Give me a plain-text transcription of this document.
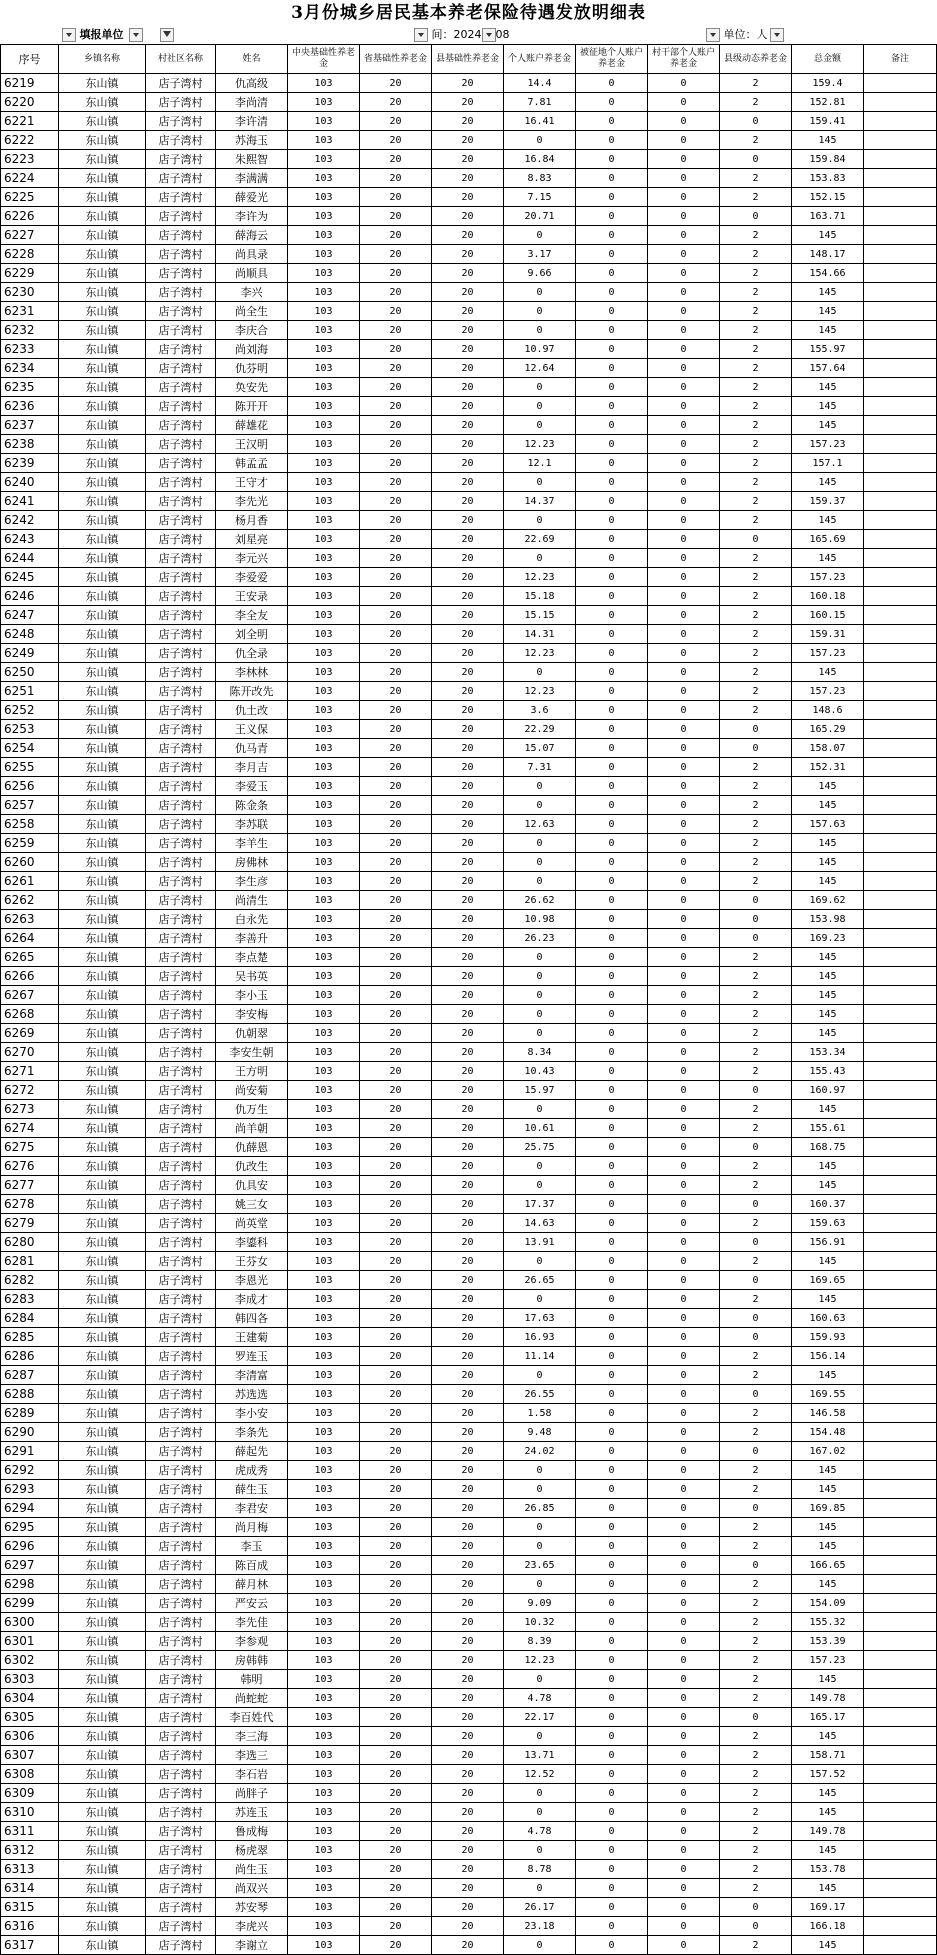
3月份城乡居民基本养老保险待遇发放明细表
填报单位	间：2024 08	单位：人
序号	乡镇名称	村社区名称	姓名	中央基础性养老金	省基础性养老金	县基础性养老金	个人账户养老金	被征地个人账户养老金	村干部个人账户养老金	县级动态养老金	总金额	备注
6219	东山镇	店子湾村	仇高级	103	20	20	14.4	0	0	2	159.4	
6220	东山镇	店子湾村	李尚清	103	20	20	7.81	0	0	2	152.81	
6221	东山镇	店子湾村	李许清	103	20	20	16.41	0	0	0	159.41	
6222	东山镇	店子湾村	苏海玉	103	20	20	0	0	0	2	145	
6223	东山镇	店子湾村	朱熙智	103	20	20	16.84	0	0	0	159.84	
6224	东山镇	店子湾村	李满满	103	20	20	8.83	0	0	2	153.83	
6225	东山镇	店子湾村	薛爱光	103	20	20	7.15	0	0	2	152.15	
6226	东山镇	店子湾村	李许为	103	20	20	20.71	0	0	0	163.71	
6227	东山镇	店子湾村	薛海云	103	20	20	0	0	0	2	145	
6228	东山镇	店子湾村	尚具录	103	20	20	3.17	0	0	2	148.17	
6229	东山镇	店子湾村	尚顺具	103	20	20	9.66	0	0	2	154.66	
6230	东山镇	店子湾村	李兴	103	20	20	0	0	0	2	145	
6231	东山镇	店子湾村	尚全生	103	20	20	0	0	0	2	145	
6232	东山镇	店子湾村	李庆合	103	20	20	0	0	0	2	145	
6233	东山镇	店子湾村	尚刘海	103	20	20	10.97	0	0	2	155.97	
6234	东山镇	店子湾村	仇芬明	103	20	20	12.64	0	0	2	157.64	
6235	东山镇	店子湾村	奂安先	103	20	20	0	0	0	2	145	
6236	东山镇	店子湾村	陈开开	103	20	20	0	0	0	2	145	
6237	东山镇	店子湾村	薛雄花	103	20	20	0	0	0	2	145	
6238	东山镇	店子湾村	王汉明	103	20	20	12.23	0	0	2	157.23	
6239	东山镇	店子湾村	韩孟孟	103	20	20	12.1	0	0	2	157.1	
6240	东山镇	店子湾村	王守才	103	20	20	0	0	0	2	145	
6241	东山镇	店子湾村	李先光	103	20	20	14.37	0	0	2	159.37	
6242	东山镇	店子湾村	杨月香	103	20	20	0	0	0	2	145	
6243	东山镇	店子湾村	刘星亮	103	20	20	22.69	0	0	0	165.69	
6244	东山镇	店子湾村	李元兴	103	20	20	0	0	0	2	145	
6245	东山镇	店子湾村	李爱爱	103	20	20	12.23	0	0	2	157.23	
6246	东山镇	店子湾村	王安录	103	20	20	15.18	0	0	2	160.18	
6247	东山镇	店子湾村	李全友	103	20	20	15.15	0	0	2	160.15	
6248	东山镇	店子湾村	刘全明	103	20	20	14.31	0	0	2	159.31	
6249	东山镇	店子湾村	仇全录	103	20	20	12.23	0	0	2	157.23	
6250	东山镇	店子湾村	李林林	103	20	20	0	0	0	2	145	
6251	东山镇	店子湾村	陈开改先	103	20	20	12.23	0	0	2	157.23	
6252	东山镇	店子湾村	仇土改	103	20	20	3.6	0	0	2	148.6	
6253	东山镇	店子湾村	王义保	103	20	20	22.29	0	0	0	165.29	
6254	东山镇	店子湾村	仇马青	103	20	20	15.07	0	0	0	158.07	
6255	东山镇	店子湾村	李月吉	103	20	20	7.31	0	0	2	152.31	
6256	东山镇	店子湾村	李爱玉	103	20	20	0	0	0	2	145	
6257	东山镇	店子湾村	陈金条	103	20	20	0	0	0	2	145	
6258	东山镇	店子湾村	李苏联	103	20	20	12.63	0	0	2	157.63	
6259	东山镇	店子湾村	李羊生	103	20	20	0	0	0	2	145	
6260	东山镇	店子湾村	房佛林	103	20	20	0	0	0	2	145	
6261	东山镇	店子湾村	李生彦	103	20	20	0	0	0	2	145	
6262	东山镇	店子湾村	尚清生	103	20	20	26.62	0	0	0	169.62	
6263	东山镇	店子湾村	白永先	103	20	20	10.98	0	0	0	153.98	
6264	东山镇	店子湾村	李善升	103	20	20	26.23	0	0	0	169.23	
6265	东山镇	店子湾村	李点楚	103	20	20	0	0	0	2	145	
6266	东山镇	店子湾村	吴书英	103	20	20	0	0	0	2	145	
6267	东山镇	店子湾村	李小玉	103	20	20	0	0	0	2	145	
6268	东山镇	店子湾村	李安梅	103	20	20	0	0	0	2	145	
6269	东山镇	店子湾村	仇朝翠	103	20	20	0	0	0	2	145	
6270	东山镇	店子湾村	李安生朝	103	20	20	8.34	0	0	2	153.34	
6271	东山镇	店子湾村	王方明	103	20	20	10.43	0	0	2	155.43	
6272	东山镇	店子湾村	尚安菊	103	20	20	15.97	0	0	0	160.97	
6273	东山镇	店子湾村	仇万生	103	20	20	0	0	0	2	145	
6274	东山镇	店子湾村	尚羊朝	103	20	20	10.61	0	0	2	155.61	
6275	东山镇	店子湾村	仇薛恩	103	20	20	25.75	0	0	0	168.75	
6276	东山镇	店子湾村	仇改生	103	20	20	0	0	0	2	145	
6277	东山镇	店子湾村	仇具安	103	20	20	0	0	0	2	145	
6278	东山镇	店子湾村	姚三女	103	20	20	17.37	0	0	0	160.37	
6279	东山镇	店子湾村	尚英堂	103	20	20	14.63	0	0	2	159.63	
6280	东山镇	店子湾村	李鎏科	103	20	20	13.91	0	0	0	156.91	
6281	东山镇	店子湾村	王芬女	103	20	20	0	0	0	2	145	
6282	东山镇	店子湾村	李恩光	103	20	20	26.65	0	0	0	169.65	
6283	东山镇	店子湾村	李成才	103	20	20	0	0	0	2	145	
6284	东山镇	店子湾村	韩四各	103	20	20	17.63	0	0	0	160.63	
6285	东山镇	店子湾村	王建菊	103	20	20	16.93	0	0	0	159.93	
6286	东山镇	店子湾村	罗连玉	103	20	20	11.14	0	0	2	156.14	
6287	东山镇	店子湾村	李清富	103	20	20	0	0	0	2	145	
6288	东山镇	店子湾村	苏选选	103	20	20	26.55	0	0	0	169.55	
6289	东山镇	店子湾村	李小安	103	20	20	1.58	0	0	2	146.58	
6290	东山镇	店子湾村	李条先	103	20	20	9.48	0	0	2	154.48	
6291	东山镇	店子湾村	薛起先	103	20	20	24.02	0	0	0	167.02	
6292	东山镇	店子湾村	虎成秀	103	20	20	0	0	0	2	145	
6293	东山镇	店子湾村	薛生玉	103	20	20	0	0	0	2	145	
6294	东山镇	店子湾村	李君安	103	20	20	26.85	0	0	0	169.85	
6295	东山镇	店子湾村	尚月梅	103	20	20	0	0	0	2	145	
6296	东山镇	店子湾村	李玉	103	20	20	0	0	0	2	145	
6297	东山镇	店子湾村	陈百成	103	20	20	23.65	0	0	0	166.65	
6298	东山镇	店子湾村	薛月林	103	20	20	0	0	0	2	145	
6299	东山镇	店子湾村	严安云	103	20	20	9.09	0	0	2	154.09	
6300	东山镇	店子湾村	李先佳	103	20	20	10.32	0	0	2	155.32	
6301	东山镇	店子湾村	李参观	103	20	20	8.39	0	0	2	153.39	
6302	东山镇	店子湾村	房韩韩	103	20	20	12.23	0	0	2	157.23	
6303	东山镇	店子湾村	韩明	103	20	20	0	0	0	2	145	
6304	东山镇	店子湾村	尚蛇蛇	103	20	20	4.78	0	0	2	149.78	
6305	东山镇	店子湾村	李百姓代	103	20	20	22.17	0	0	0	165.17	
6306	东山镇	店子湾村	李三海	103	20	20	0	0	0	2	145	
6307	东山镇	店子湾村	李选三	103	20	20	13.71	0	0	2	158.71	
6308	东山镇	店子湾村	李石岩	103	20	20	12.52	0	0	2	157.52	
6309	东山镇	店子湾村	尚胖子	103	20	20	0	0	0	2	145	
6310	东山镇	店子湾村	苏连玉	103	20	20	0	0	0	2	145	
6311	东山镇	店子湾村	鲁成梅	103	20	20	4.78	0	0	2	149.78	
6312	东山镇	店子湾村	杨虎翠	103	20	20	0	0	0	2	145	
6313	东山镇	店子湾村	尚生玉	103	20	20	8.78	0	0	2	153.78	
6314	东山镇	店子湾村	尚双兴	103	20	20	0	0	0	2	145	
6315	东山镇	店子湾村	苏安琴	103	20	20	26.17	0	0	0	169.17	
6316	东山镇	店子湾村	李虎兴	103	20	20	23.18	0	0	0	166.18	
6317	东山镇	店子湾村	李谢立	103	20	20	0	0	0	2	145	
